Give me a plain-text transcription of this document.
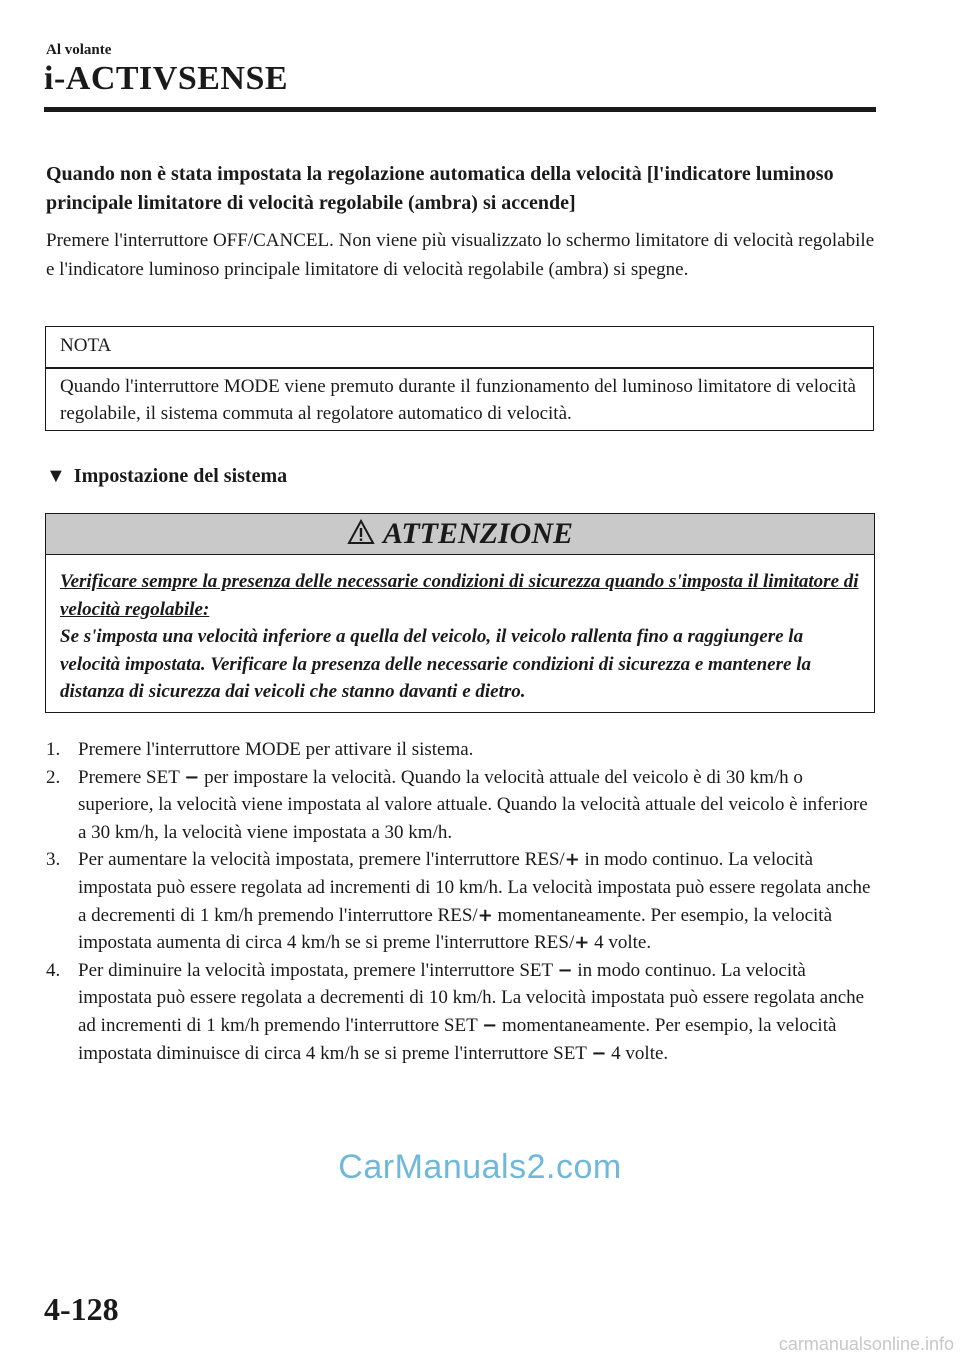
Al volante
i-ACTIVSENSE
Quando non è stata impostata la regolazione automatica della velocità [l'indicatore luminoso principale limitatore di velocità regolabile (ambra) si accende]
Premere l'interruttore OFF/CANCEL. Non viene più visualizzato lo schermo limitatore di velocità regolabile e l'indicatore luminoso principale limitatore di velocità regolabile (ambra) si spegne.
NOTA
Quando l'interruttore MODE viene premuto durante il funzionamento del luminoso limitatore di velocità regolabile, il sistema commuta al regolatore automatico di velocità.
▼ Impostazione del sistema
ATTENZIONE
Verificare sempre la presenza delle necessarie condizioni di sicurezza quando s'imposta il limitatore di velocità regolabile:
Se s'imposta una velocità inferiore a quella del veicolo, il veicolo rallenta fino a raggiungere la velocità impostata. Verificare la presenza delle necessarie condizioni di sicurezza e mantenere la distanza di sicurezza dai veicoli che stanno davanti e dietro.
1. Premere l'interruttore MODE per attivare il sistema.
2. Premere SET − per impostare la velocità. Quando la velocità attuale del veicolo è di 30 km/h o superiore, la velocità viene impostata al valore attuale. Quando la velocità attuale del veicolo è inferiore a 30 km/h, la velocità viene impostata a 30 km/h.
3. Per aumentare la velocità impostata, premere l'interruttore RES/+ in modo continuo. La velocità impostata può essere regolata ad incrementi di 10 km/h. La velocità impostata può essere regolata anche a decrementi di 1 km/h premendo l'interruttore RES/+ momentaneamente. Per esempio, la velocità impostata aumenta di circa 4 km/h se si preme l'interruttore RES/+ 4 volte.
4. Per diminuire la velocità impostata, premere l'interruttore SET − in modo continuo. La velocità impostata può essere regolata a decrementi di 10 km/h. La velocità impostata può essere regolata anche ad incrementi di 1 km/h premendo l'interruttore SET − momentaneamente. Per esempio, la velocità impostata diminuisce di circa 4 km/h se si preme l'interruttore SET − 4 volte.
CarManuals2.com
4-128
carmanualsonline.info
